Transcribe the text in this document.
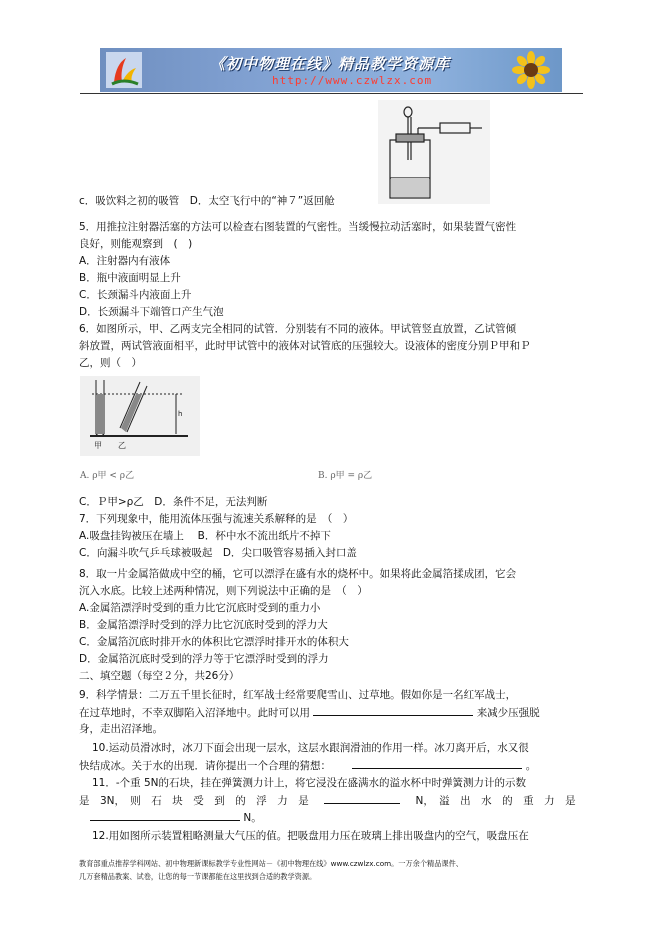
《初中物理在线》精品教学资源库
http://www.czwlzx.com
c．吸饮料之初的吸管　D．太空飞行中的“神７”返回舱
5．用推拉注射器活塞的方法可以检查右图装置的气密性。当缓慢拉动活塞时，如果装置气密性
良好，则能观察到　(　)
A．注射器内有液体
B．瓶中液面明显上升
C．长颈漏斗内液面上升
D．长颈漏斗下端管口产生气泡
6．如图所示，甲、乙两支完全相同的试管．分别装有不同的液体。甲试管竖直放置，乙试管倾
斜放置，两试管液面相平，此时甲试管中的液体对试管底的压强较大。设液体的密度分别Ｐ甲和Ｐ
乙，则（　）
甲 乙
h
A. ρ甲 < ρ乙	B. ρ甲 = ρ乙
C．Ｐ甲>ρ乙　D．条件不足，无法判断
7．下列现象中，能用流体压强与流速关系解释的是　（　）
A.吸盘挂钩被压在墙上　 B．杯中水不流出纸片不掉下
C．向漏斗吹气乒乓球被吸起　D．尖口吸管容易插入封口盖
8．取一片金属箔做成中空的桶，它可以漂浮在盛有水的烧杯中。如果将此金属箔揉成团，它会
沉入水底。比较上述两种情况，则下列说法中正确的是　（　）
A.金属箔漂浮时受到的重力比它沉底时受到的重力小
B．金属箔漂浮时受到的浮力比它沉底时受到的浮力大
C．金属箔沉底时排开水的体积比它漂浮时排开水的体积大
D．金属箔沉底时受到的浮力等于它漂浮时受到的浮力
二、填空题（每空２分，共26分）
9．科学情景：二万五千里长征时，红军战士经常要爬雪山、过草地。假如你是一名红军战士，
在过草地时，不幸双脚陷入沼泽地中。此时可以用	来减少压强脱
身，走出沼泽地。
10.运动员滑冰时，冰刀下面会出现一层水，这层水跟润滑油的作用一样。冰刀离开后，水又很
快结成冰。关于水的出现．请你提出一个合理的猜想：	。
11．-个重 5N的石块，挂在弹簧测力计上，将它浸没在盛满水的溢水杯中时弹簧测力计的示数
是　3N，　则　石　块　受　到　的　浮　力　是	N，　溢　出　水　的　重　力　是
N。
12.用如图所示装置粗略测量大气压的值。把吸盘用力压在玻璃上排出吸盘内的空气，吸盘压在
教育部重点推荐学科网站、初中物理新课标教学专业性网站－《初中物理在线》www.czwlzx.com。一万余个精品课件、
几万套精品教案、试卷，让您的每一节课都能在这里找到合适的教学资源。
